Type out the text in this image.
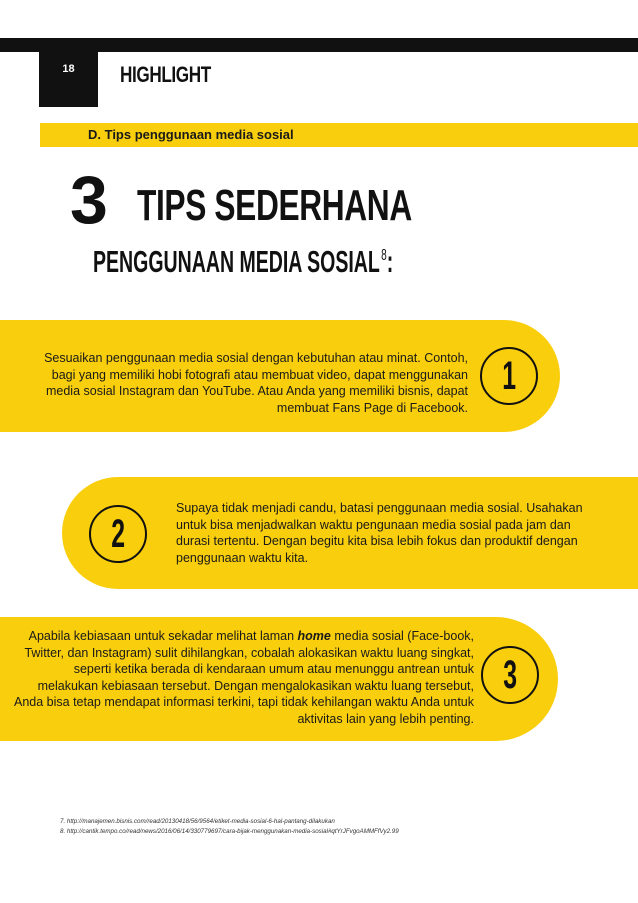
18	HIGHLIGHT
D. Tips penggunaan media sosial
3 TIPS SEDERHANA
PENGGUNAAN MEDIA SOSIAL$^8$:
Sesuaikan penggunaan media sosial dengan kebutuhan atau minat. Contoh, bagi yang memiliki hobi fotografi atau membuat video, dapat menggunakan media sosial Instagram dan YouTube. Atau Anda yang memiliki bisnis, dapat membuat Fans Page di Facebook.
1
2
Supaya tidak menjadi candu, batasi penggunaan media sosial. Usahakan untuk bisa menjadwalkan waktu pengunaan media sosial pada jam dan durasi tertentu. Dengan begitu kita bisa lebih fokus dan produktif dengan penggunaan waktu kita.
Apabila kebiasaan untuk sekadar melihat laman home media sosial (Face-book, Twitter, dan Instagram) sulit dihilangkan, cobalah alokasikan waktu luang singkat, seperti ketika berada di kendaraan umum atau menunggu antrean untuk melakukan kebiasaan tersebut. Dengan mengalokasikan waktu luang tersebut, Anda bisa tetap mendapat informasi terkini, tapi tidak kehilangan waktu Anda untuk aktivitas lain yang lebih penting.
3
7. http://manajemen.bisnis.com/read/20130418/56/9564/etiket-media-sosial-6-hal-pantang-dilakukan
8. http://cantik.tempo.co/read/news/2016/06/14/330779697/cara-bijak-menggunakan-media-sosial#qtYrJFvgoAMMFfVy2.99
